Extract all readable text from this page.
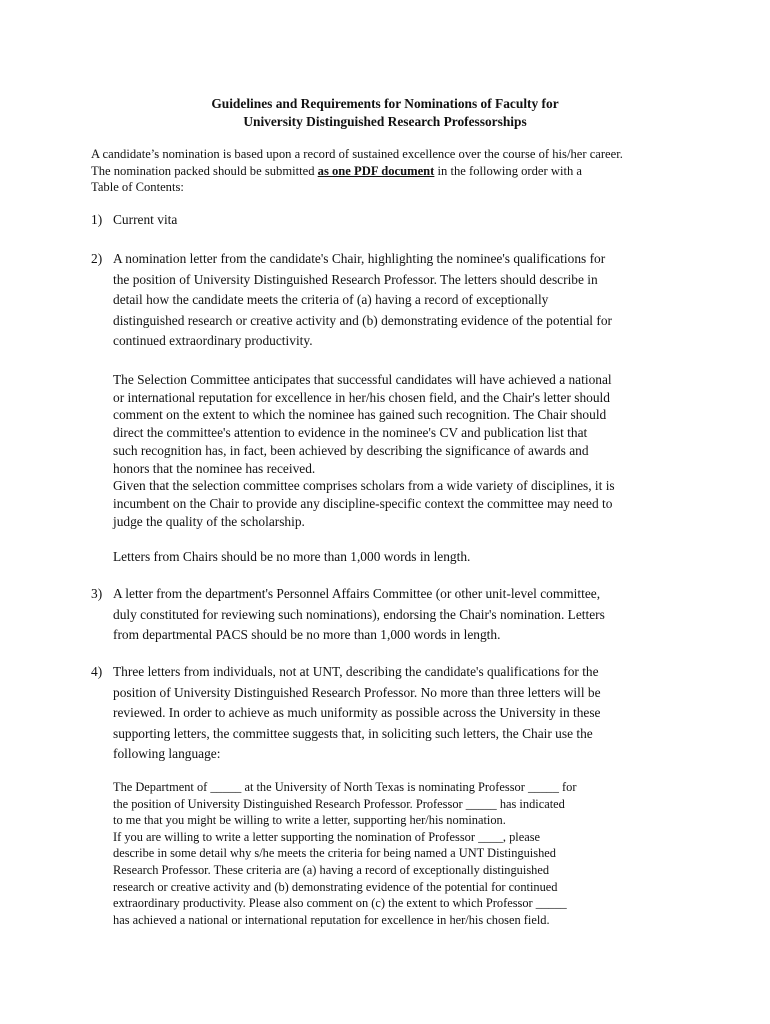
Guidelines and Requirements for Nominations of Faculty for
University Distinguished Research Professorships
A candidate’s nomination is based upon a record of sustained excellence over the course of his/her career.
The nomination packed should be submitted as one PDF document in the following order with a
Table of Contents:
1) Current vita
2) A nomination letter from the candidate's Chair, highlighting the nominee's qualifications for
the position of University Distinguished Research Professor. The letters should describe in
detail how the candidate meets the criteria of (a) having a record of exceptionally
distinguished research or creative activity and (b) demonstrating evidence of the potential for
continued extraordinary productivity.
The Selection Committee anticipates that successful candidates will have achieved a national
or international reputation for excellence in her/his chosen field, and the Chair's letter should
comment on the extent to which the nominee has gained such recognition. The Chair should
direct the committee's attention to evidence in the nominee's CV and publication list that
such recognition has, in fact, been achieved by describing the significance of awards and
honors that the nominee has received.
Given that the selection committee comprises scholars from a wide variety of disciplines, it is
incumbent on the Chair to provide any discipline-specific context the committee may need to
judge the quality of the scholarship.
Letters from Chairs should be no more than 1,000 words in length.
3) A letter from the department's Personnel Affairs Committee (or other unit-level committee,
duly constituted for reviewing such nominations), endorsing the Chair's nomination. Letters
from departmental PACS should be no more than 1,000 words in length.
4) Three letters from individuals, not at UNT, describing the candidate's qualifications for the
position of University Distinguished Research Professor. No more than three letters will be
reviewed. In order to achieve as much uniformity as possible across the University in these
supporting letters, the committee suggests that, in soliciting such letters, the Chair use the
following language:
The Department of _____ at the University of North Texas is nominating Professor _____ for
the position of University Distinguished Research Professor. Professor _____ has indicated
to me that you might be willing to write a letter, supporting her/his nomination.
If you are willing to write a letter supporting the nomination of Professor ____, please
describe in some detail why s/he meets the criteria for being named a UNT Distinguished
Research Professor. These criteria are (a) having a record of exceptionally distinguished
research or creative activity and (b) demonstrating evidence of the potential for continued
extraordinary productivity. Please also comment on (c) the extent to which Professor _____
has achieved a national or international reputation for excellence in her/his chosen field.
